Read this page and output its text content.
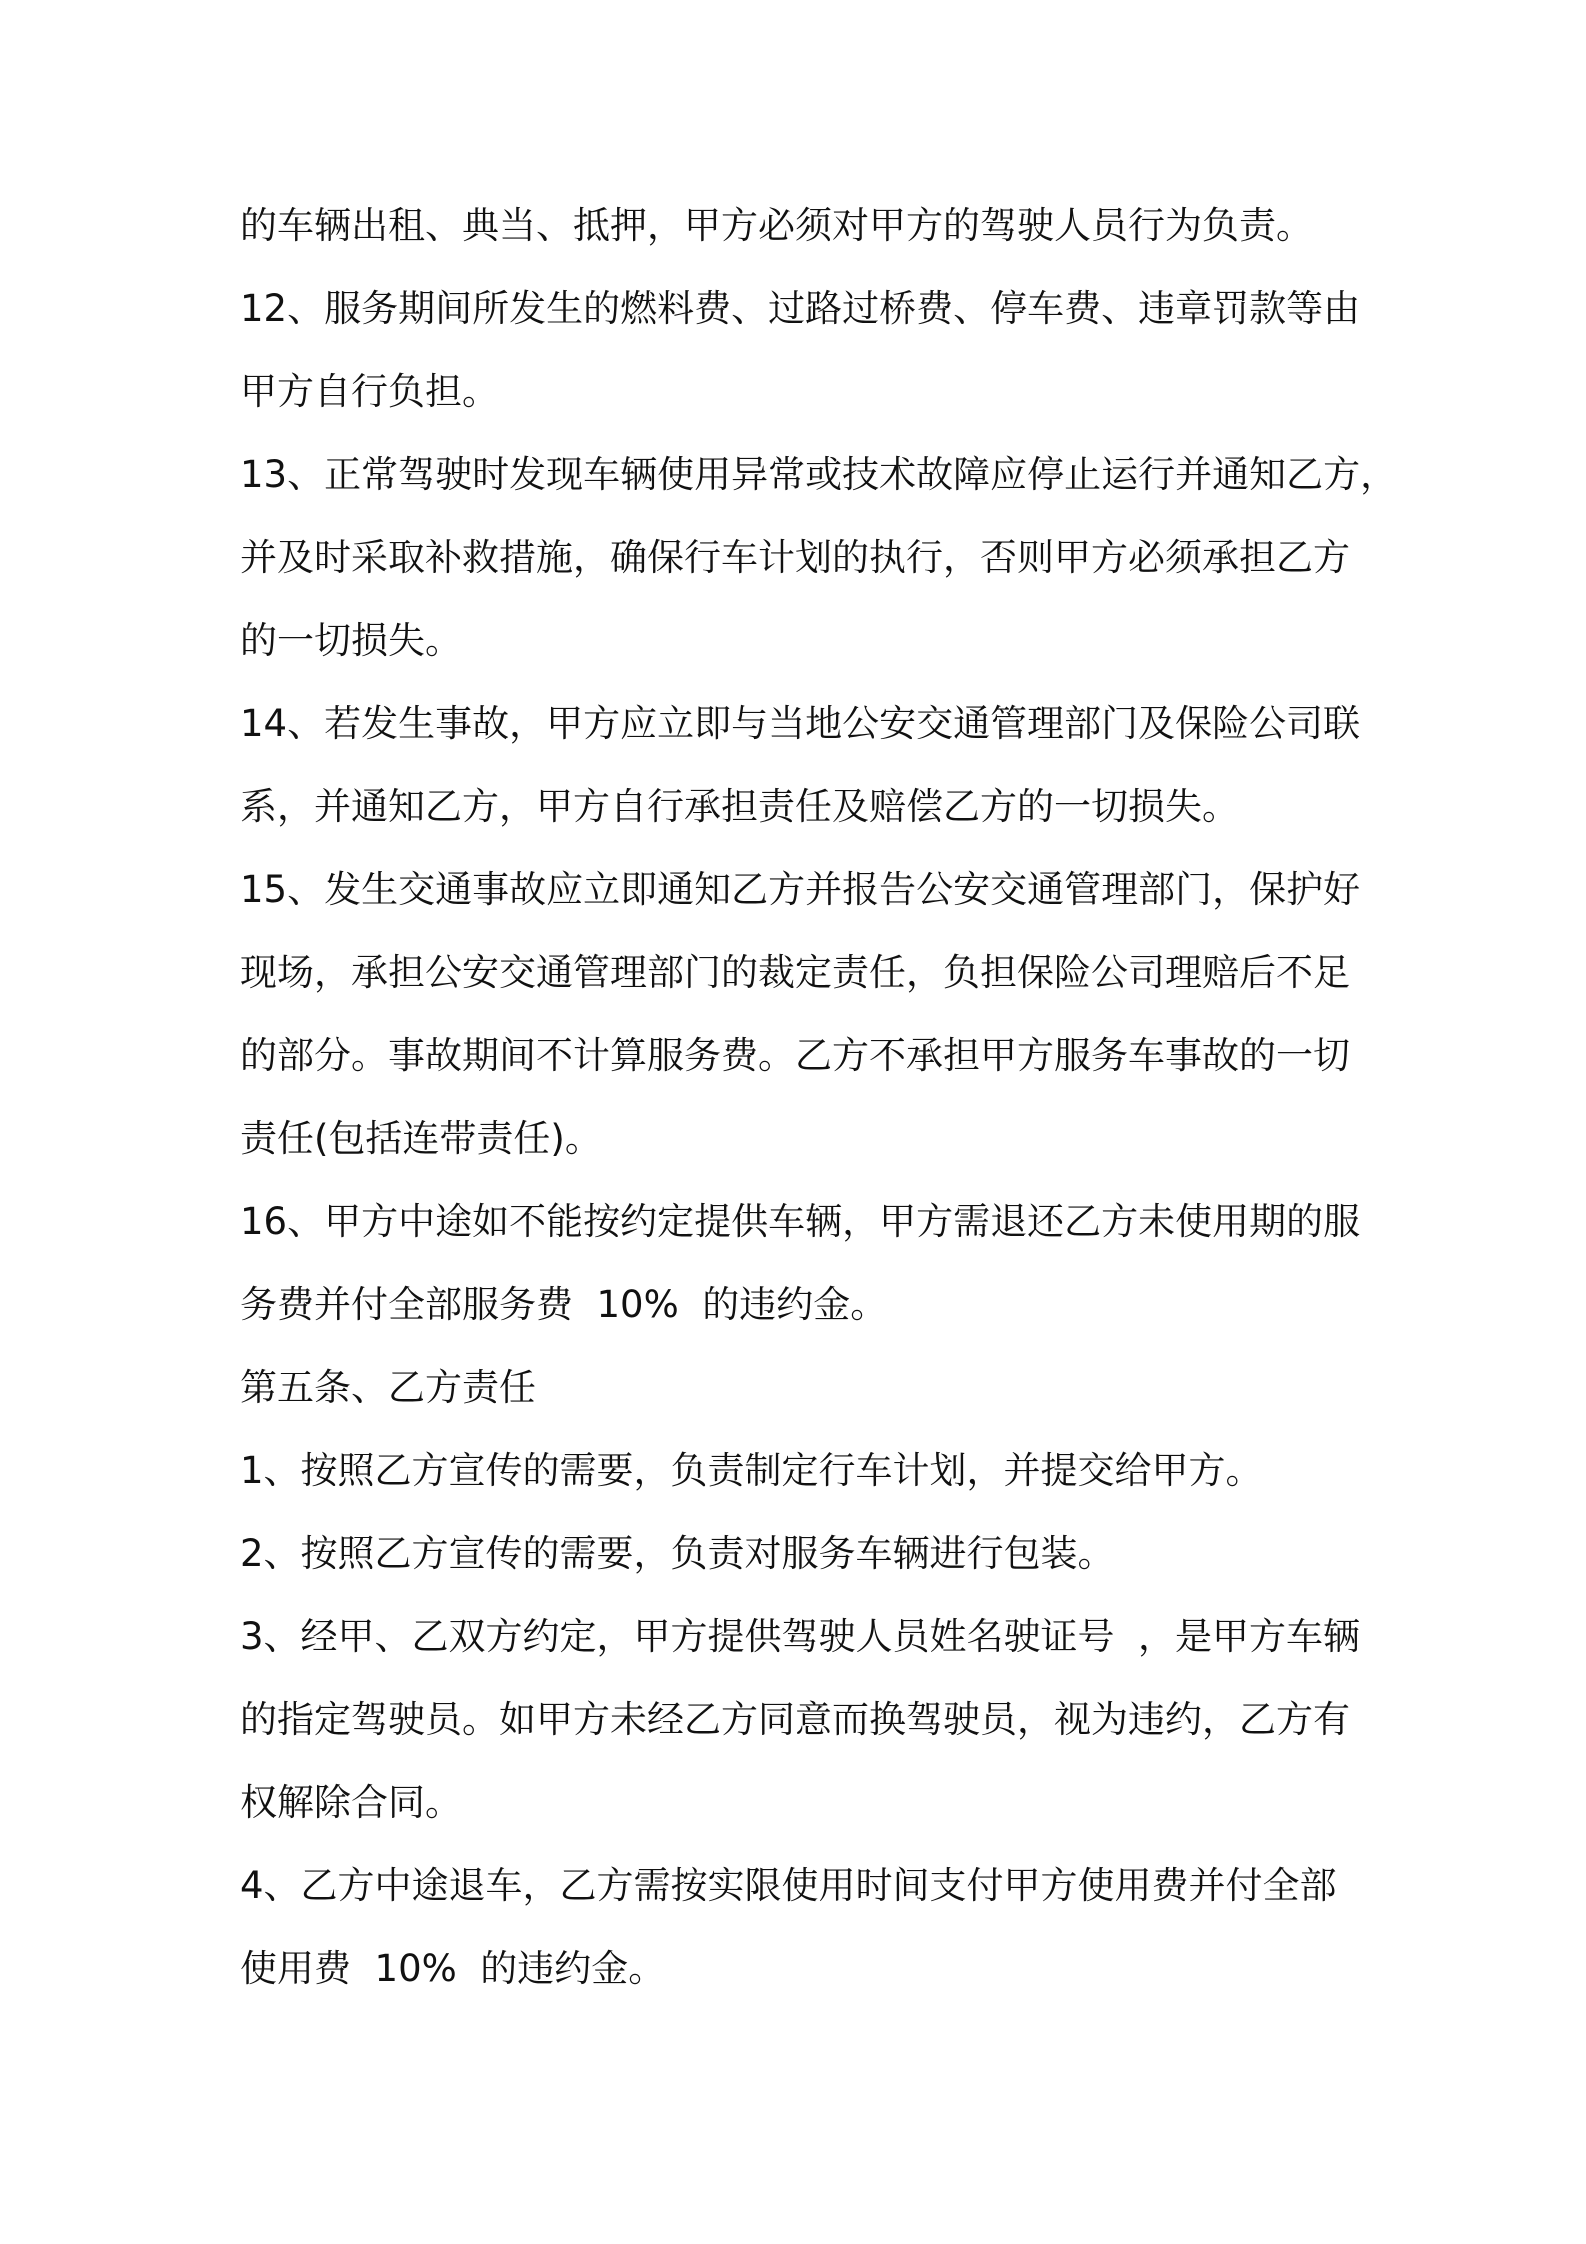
的车辆出租、典当、抵押，甲方必须对甲方的驾驶人员行为负责。
12、服务期间所发生的燃料费、过路过桥费、停车费、违章罚款等由
甲方自行负担。
13、正常驾驶时发现车辆使用异常或技术故障应停止运行并通知乙方，
并及时采取补救措施，确保行车计划的执行，否则甲方必须承担乙方
的一切损失。
14、若发生事故，甲方应立即与当地公安交通管理部门及保险公司联
系，并通知乙方，甲方自行承担责任及赔偿乙方的一切损失。
15、发生交通事故应立即通知乙方并报告公安交通管理部门，保护好
现场，承担公安交通管理部门的裁定责任，负担保险公司理赔后不足
的部分。事故期间不计算服务费。乙方不承担甲方服务车事故的一切
责任(包括连带责任)。
16、甲方中途如不能按约定提供车辆，甲方需退还乙方未使用期的服
务费并付全部服务费  10%  的违约金。
第五条、乙方责任
1、按照乙方宣传的需要，负责制定行车计划，并提交给甲方。
2、按照乙方宣传的需要，负责对服务车辆进行包装。
3、经甲、乙双方约定，甲方提供驾驶人员姓名驶证号  ，是甲方车辆
的指定驾驶员。如甲方未经乙方同意而换驾驶员，视为违约，乙方有
权解除合同。
4、乙方中途退车，乙方需按实限使用时间支付甲方使用费并付全部
使用费  10%  的违约金。
